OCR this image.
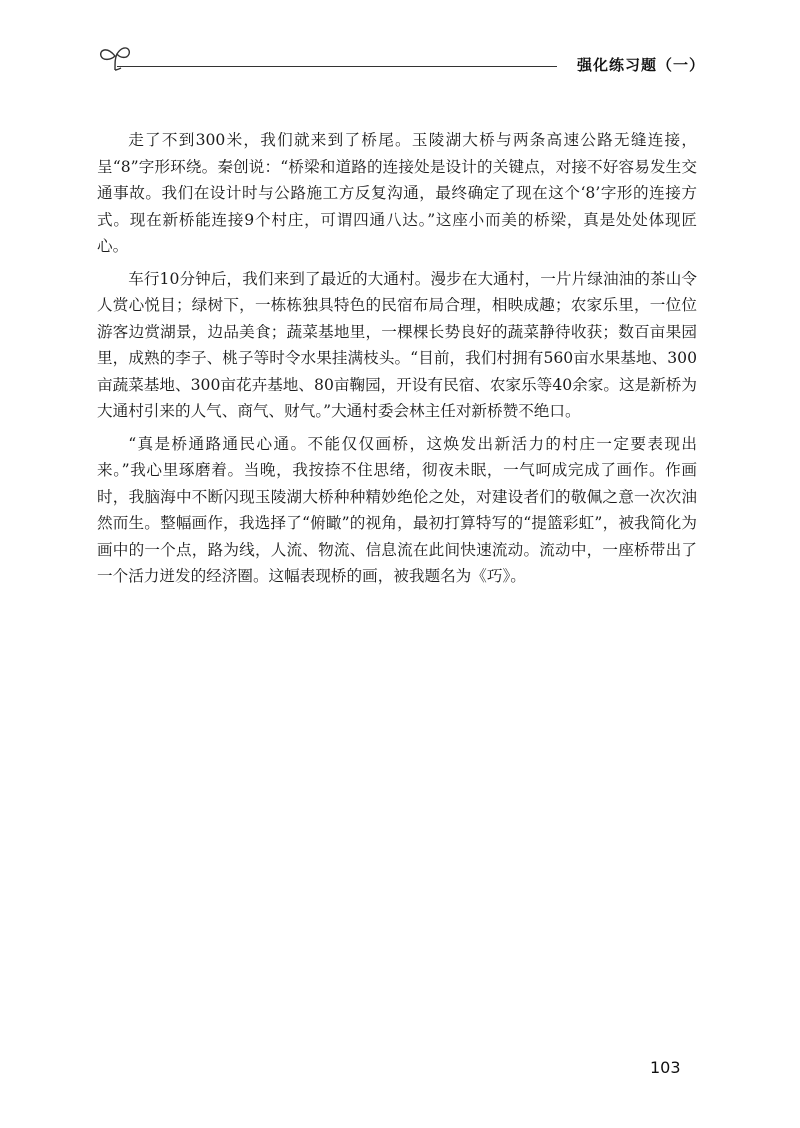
强化练习题（一）

走了不到300米，我们就来到了桥尾。玉陵湖大桥与两条高速公路无缝连接，呈“8”字形环绕。秦创说：“桥梁和道路的连接处是设计的关键点，对接不好容易发生交通事故。我们在设计时与公路施工方反复沟通，最终确定了现在这个‘8’字形的连接方式。现在新桥能连接9个村庄，可谓四通八达。”这座小而美的桥梁，真是处处体现匠心。

车行10分钟后，我们来到了最近的大通村。漫步在大通村，一片片绿油油的茶山令人赏心悦目；绿树下，一栋栋独具特色的民宿布局合理，相映成趣；农家乐里，一位位游客边赏湖景，边品美食；蔬菜基地里，一棵棵长势良好的蔬菜静待收获；数百亩果园里，成熟的李子、桃子等时令水果挂满枝头。“目前，我们村拥有560亩水果基地、300亩蔬菜基地、300亩花卉基地、80亩鞠园，开设有民宿、农家乐等40余家。这是新桥为大通村引来的人气、商气、财气。”大通村委会林主任对新桥赞不绝口。

“真是桥通路通民心通。不能仅仅画桥，这焕发出新活力的村庄一定要表现出来。”我心里琢磨着。当晚，我按捺不住思绪，彻夜未眠，一气呵成完成了画作。作画时，我脑海中不断闪现玉陵湖大桥种种精妙绝伦之处，对建设者们的敬佩之意一次次油然而生。整幅画作，我选择了“俯瞰”的视角，最初打算特写的“提篮彩虹”，被我简化为画中的一个点，路为线，人流、物流、信息流在此间快速流动。流动中，一座桥带出了一个活力迸发的经济圈。这幅表现桥的画，被我题名为《巧》。

103
